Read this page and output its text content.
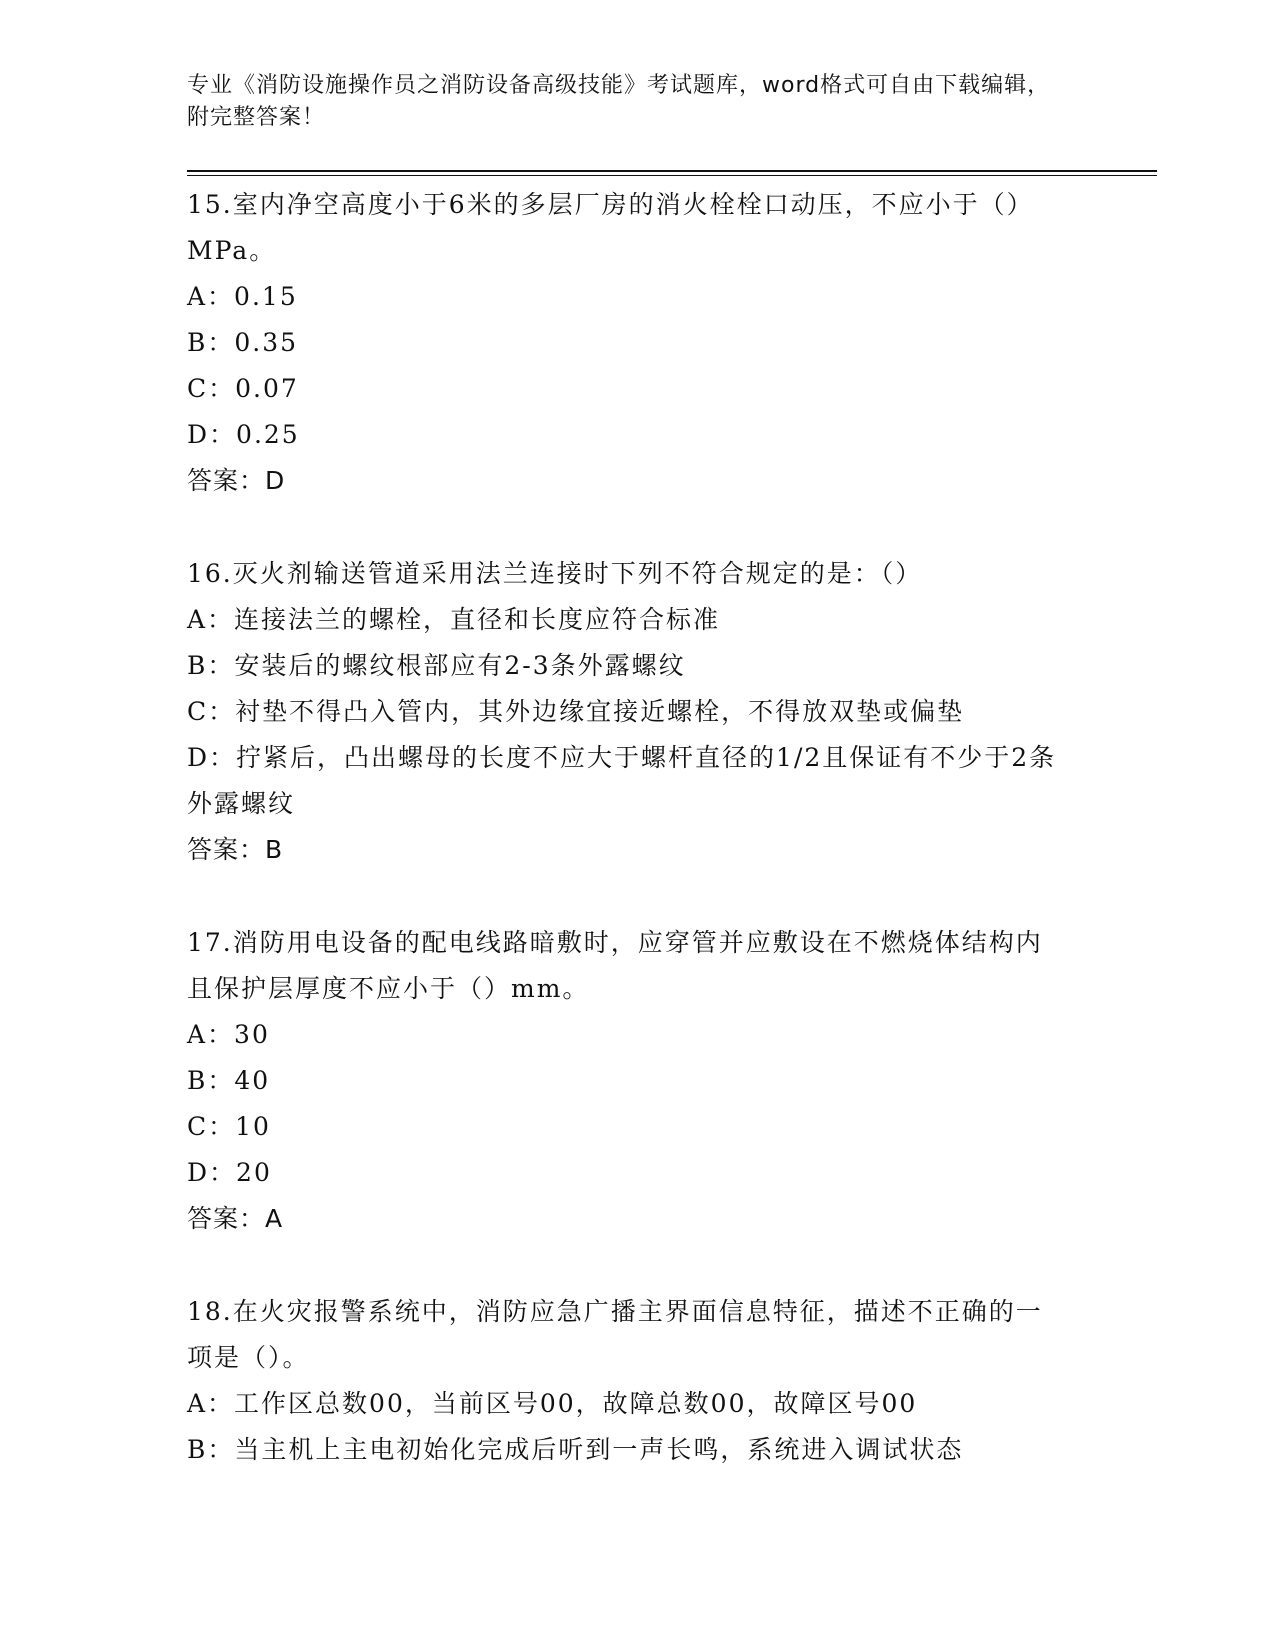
专业《消防设施操作员之消防设备高级技能》考试题库，word格式可自由下载编辑，附完整答案！

15.室内净空高度小于6米的多层厂房的消火栓栓口动压，不应小于（）MPa。

A：0.15

B：0.35

C：0.07

D：0.25

答案：D

16.灭火剂输送管道采用法兰连接时下列不符合规定的是：（）

A：连接法兰的螺栓，直径和长度应符合标准

B：安装后的螺纹根部应有2-3条外露螺纹

C：衬垫不得凸入管内，其外边缘宜接近螺栓，不得放双垫或偏垫

D：拧紧后，凸出螺母的长度不应大于螺杆直径的1/2且保证有不少于2条外露螺纹

答案：B

17.消防用电设备的配电线路暗敷时，应穿管并应敷设在不燃烧体结构内且保护层厚度不应小于（）mm。

A：30

B：40

C：10

D：20

答案：A

18.在火灾报警系统中，消防应急广播主界面信息特征，描述不正确的一项是（）。

A：工作区总数00，当前区号00，故障总数00，故障区号00

B：当主机上主电初始化完成后听到一声长鸣，系统进入调试状态
